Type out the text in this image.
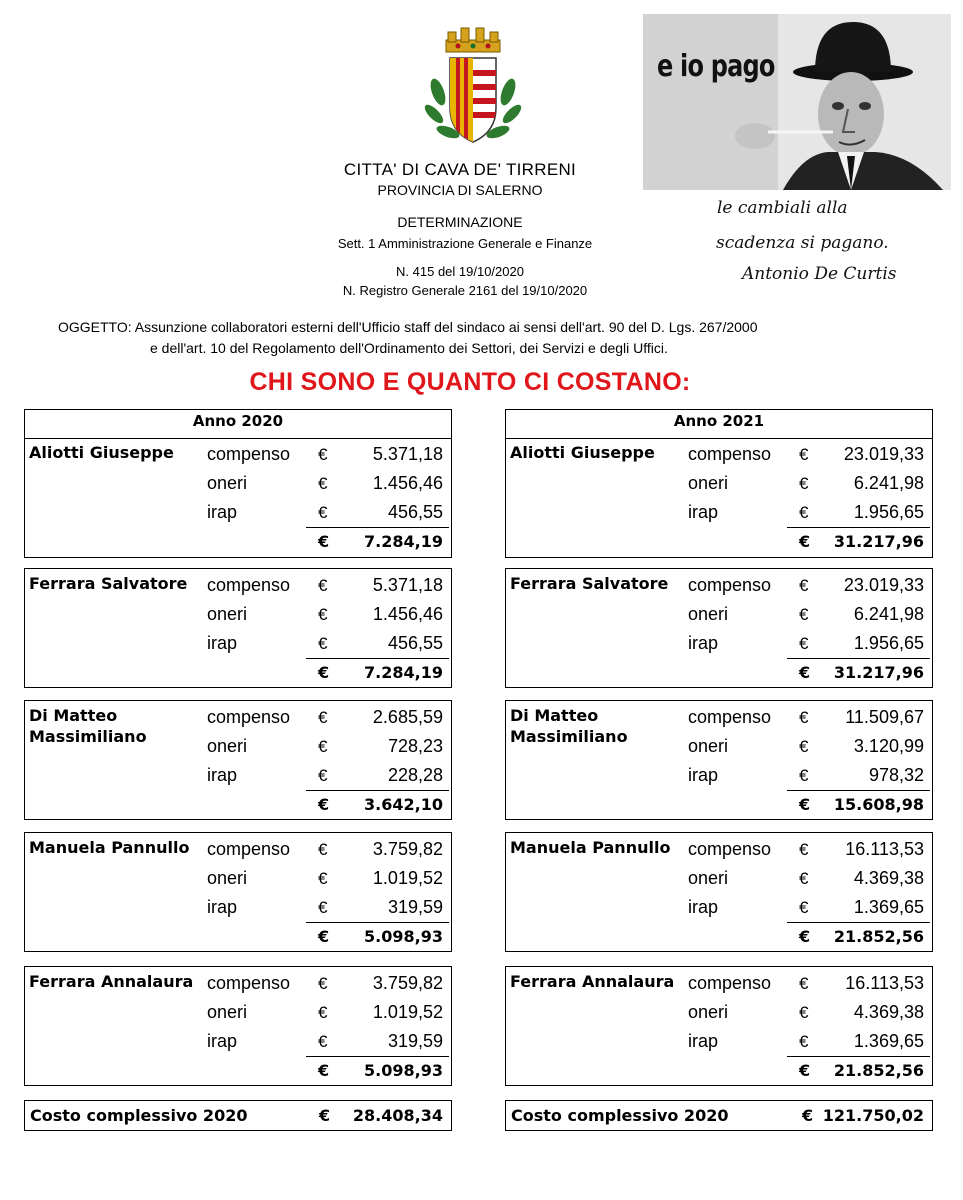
CITTA' DI CAVA DE' TIRRENI
PROVINCIA DI SALERNO
DETERMINAZIONE
Sett. 1 Amministrazione Generale e Finanze
N. 415 del 19/10/2020
N. Registro Generale 2161 del 19/10/2020
e io pago
le cambiali alla
scadenza si pagano.
Antonio De Curtis
OGGETTO: Assunzione collaboratori esterni dell'Ufficio staff del sindaco ai sensi dell'art. 90 del D. Lgs. 267/2000
e dell'art. 10 del Regolamento dell'Ordinamento dei Settori, dei Servizi e degli Uffici.
CHI SONO E QUANTO CI COSTANO:
Anno 2020
Aliotti Giuseppe	compenso €	5.371,18
oneri	€	1.456,46
irap	€	456,55
€	7.284,19
Ferrara Salvatore	compenso €	5.371,18
oneri	€	1.456,46
irap	€	456,55
€	7.284,19
Di Matteo Massimiliano
compenso €	2.685,59
oneri	€	728,23
irap	€	228,28
€	3.642,10
Manuela Pannullo compenso €	3.759,82
oneri	€	1.019,52
irap	€	319,59
€	5.098,93
Ferrara Annalaura compenso €	3.759,82
oneri	€	1.019,52
irap	€	319,59
€	5.098,93
Costo complessivo 2020	€	28.408,34
Anno 2021
Aliotti Giuseppe	compenso €	23.019,33
oneri	€	6.241,98
irap	€	1.956,65
€	31.217,96
Ferrara Salvatore	compenso €	23.019,33
oneri	€	6.241,98
irap	€	1.956,65
€	31.217,96
Di Matteo Massimiliano
compenso €	11.509,67
oneri	€	3.120,99
irap	€	978,32
€	15.608,98
Manuela Pannullo compenso €	16.113,53
oneri	€	4.369,38
irap	€	1.369,65
€	21.852,56
Ferrara Annalaura compenso €	16.113,53
oneri	€	4.369,38
irap	€	1.369,65
€	21.852,56
Costo complessivo 2020	€ 121.750,02
